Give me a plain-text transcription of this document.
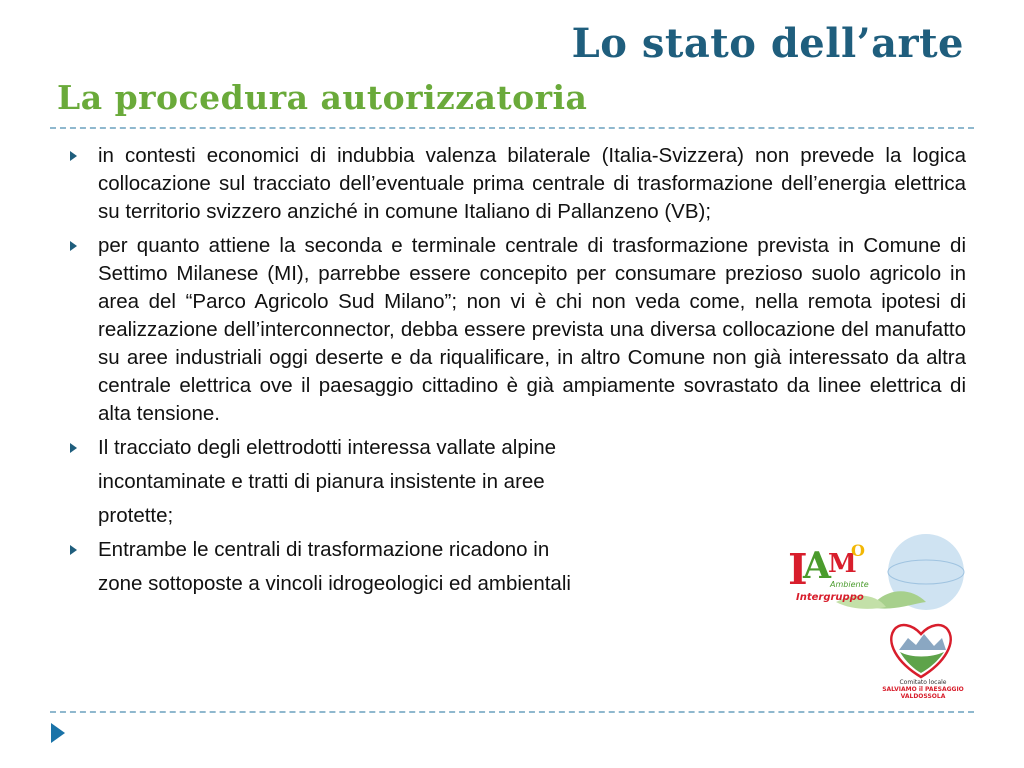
Lo stato dell’arte
La procedura autorizzatoria
in contesti economici di indubbia valenza bilaterale (Italia-Svizzera) non prevede la logica collocazione sul tracciato dell’eventuale prima centrale di trasformazione dell’energia elettrica su territorio svizzero anziché in comune Italiano di Pallanzeno (VB);
per quanto attiene la seconda e terminale centrale di trasformazione prevista in Comune di Settimo Milanese (MI), parrebbe essere concepito per consumare prezioso suolo agricolo in area del “Parco Agricolo Sud Milano”; non vi è chi non veda come, nella remota ipotesi di realizzazione dell’interconnector, debba essere prevista una diversa collocazione del manufatto su aree industriali oggi deserte e da riqualificare, in altro Comune non già interessato da altra centrale elettrica ove il paesaggio cittadino è già ampiamente sovrastato da linee elettrica di alta tensione.
Il tracciato degli elettrodotti interessa vallate alpine
incontaminate e tratti di pianura insistente in aree
protette;
Entrambe le centrali di trasformazione ricadono in
zone sottoposte a vincoli idrogeologici ed ambientali	I
A
M
O
Ambiente
Intergruppo
Comitato locale
SALVIAMO il PAESAGGIO
VALDOSSOLA
